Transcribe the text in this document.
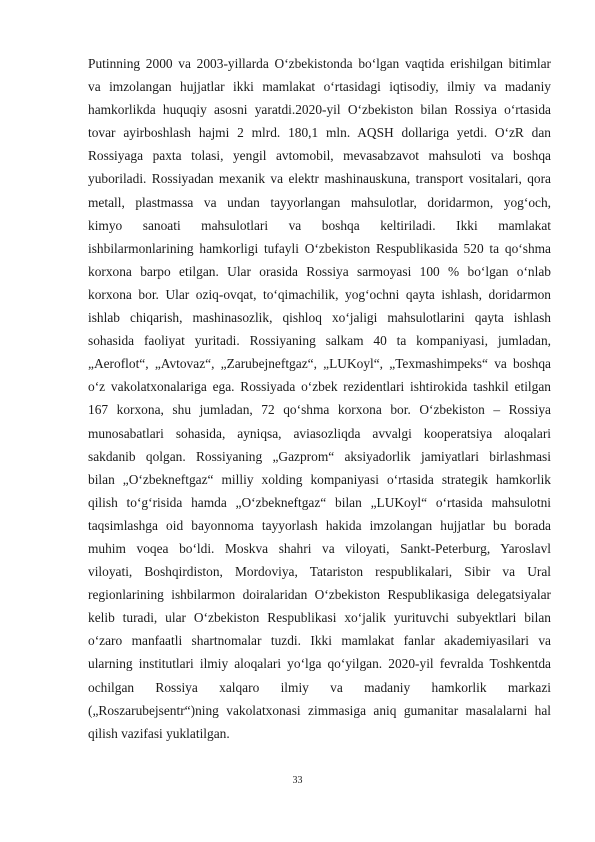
Putinning 2000 va 2003-yillarda O‘zbekistonda bo‘lgan vaqtida erishilgan bitimlar
va imzolangan hujjatlar ikki mamlakat o‘rtasidagi iqtisodiy, ilmiy va madaniy
hamkorlikda huquqiy asosni yaratdi.2020-yil O‘zbekiston bilan Rossiya o‘rtasida
tovar ayirboshlash hajmi 2 mlrd. 180,1 mln. AQSH dollariga yetdi. O‘zR dan
Rossiyaga paxta tolasi, yengil avtomobil, mevasabzavot mahsuloti va boshqa
yuboriladi. Rossiyadan mexanik va elektr mashinauskuna, transport vositalari, qora
metall, plastmassa va undan tayyorlangan mahsulotlar, doridarmon, yog‘och,
kimyo sanoati mahsulotlari va boshqa keltiriladi. Ikki mamlakat
ishbilarmonlarining hamkorligi tufayli O‘zbekiston Respublikasida 520 ta qo‘shma
korxona barpo etilgan. Ular orasida Rossiya sarmoyasi 100 % bo‘lgan o‘nlab
korxona bor. Ular oziq-ovqat, to‘qimachilik, yog‘ochni qayta ishlash, doridarmon
ishlab chiqarish, mashinasozlik, qishloq xo‘jaligi mahsulotlarini qayta ishlash
sohasida faoliyat yuritadi. Rossiyaning salkam 40 ta kompaniyasi, jumladan,
„Aeroflot“, „Avtovaz“, „Zarubejneftgaz“, „LUKoyl“, „Texmashimpeks“ va boshqa
o‘z vakolatxonalariga ega. Rossiyada o‘zbek rezidentlari ishtirokida tashkil etilgan
167 korxona, shu jumladan, 72 qo‘shma korxona bor. O‘zbekiston – Rossiya
munosabatlari sohasida, ayniqsa, aviasozliqda avvalgi kooperatsiya aloqalari
sakdanib qolgan. Rossiyaning „Gazprom“ aksiyadorlik jamiyatlari birlashmasi
bilan „O‘zbekneftgaz“ milliy xolding kompaniyasi o‘rtasida strategik hamkorlik
qilish to‘g‘risida hamda „O‘zbekneftgaz“ bilan „LUKoyl“ o‘rtasida mahsulotni
taqsimlashga oid bayonnoma tayyorlash hakida imzolangan hujjatlar bu borada
muhim voqea bo‘ldi. Moskva shahri va viloyati, Sankt-Peterburg, Yaroslavl
viloyati, Boshqirdiston, Mordoviya, Tatariston respublikalari, Sibir va Ural
regionlarining ishbilarmon doiralaridan O‘zbekiston Respublikasiga delegatsiyalar
kelib turadi, ular O‘zbekiston Respublikasi xo‘jalik yurituvchi subyektlari bilan
o‘zaro manfaatli shartnomalar tuzdi. Ikki mamlakat fanlar akademiyasilari va
ularning institutlari ilmiy aloqalari yo‘lga qo‘yilgan. 2020-yil fevralda Toshkentda
ochilgan Rossiya xalqaro ilmiy va madaniy hamkorlik markazi
(„Roszarubejsentr“)ning vakolatxonasi zimmasiga aniq gumanitar masalalarni hal
qilish vazifasi yuklatilgan.

33
